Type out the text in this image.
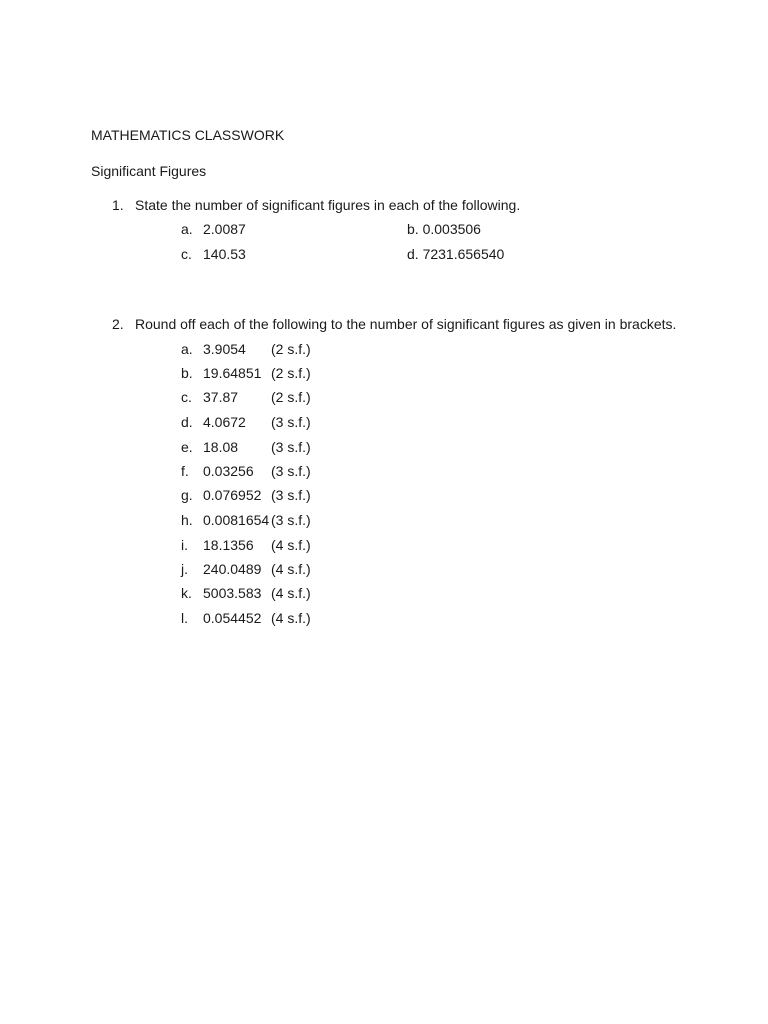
MATHEMATICS CLASSWORK
Significant Figures
1. State the number of significant figures in each of the following.
a. 2.0087	b. 0.003506
c. 140.53	d. 7231.656540
2. Round off each of the following to the number of significant figures as given in brackets.
a. 3.9054 (2 s.f.)
b. 19.64851 (2 s.f.)
c. 37.87 (2 s.f.)
d. 4.0672 (3 s.f.)
e. 18.08 (3 s.f.)
f. 0.03256 (3 s.f.)
g. 0.076952 (3 s.f.)
h. 0.0081654 (3 s.f.)
i. 18.1356 (4 s.f.)
j. 240.0489 (4 s.f.)
k. 5003.583 (4 s.f.)
l. 0.054452 (4 s.f.)
